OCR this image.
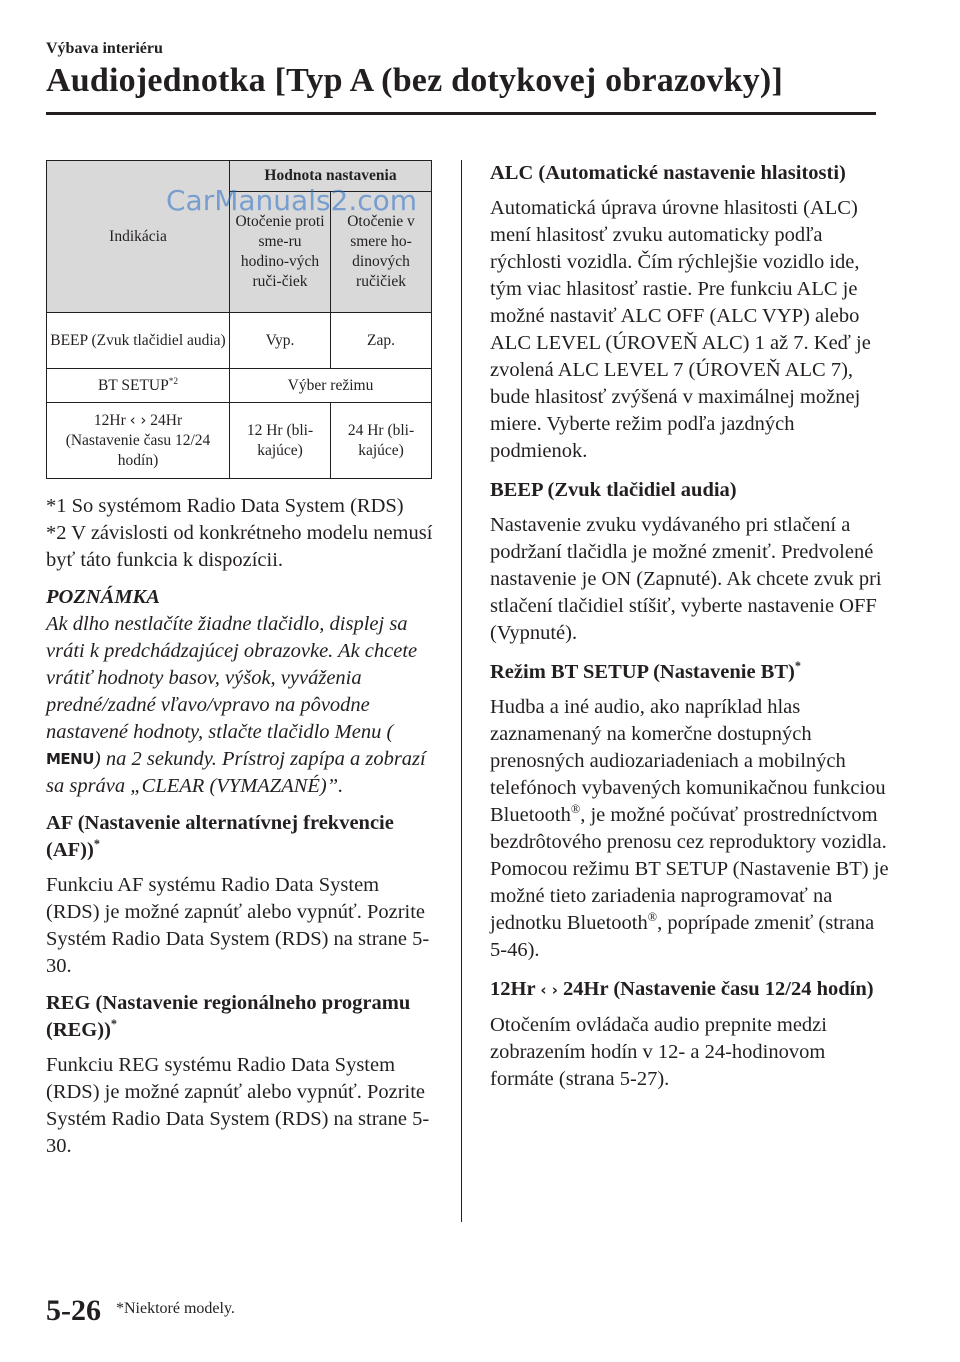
Výbava interiéru
Audiojednotka [Typ A (bez dotykovej obrazovky)]
Indikácia	Hodnota nastavenia	
	Otočenie proti sme-ru hodino-vých ruči-čiek	Otočenie v smere ho-dinových ručičiek
BEEP (Zvuk tlačidiel audia)	Vyp.	Zap.
BT SETUP$^{*2}$	Výber režimu	
12Hr ‹ › 24Hr
(Nastavenie času 12/24 hodín)	12 Hr (bli-kajúce)	24 Hr (bli-kajúce)
CarManuals2.com

*1 So systémom Radio Data System (RDS)

*2 V závislosti od konkrétneho modelu nemusí byť táto funkcia k dispozícii.

POZNÁMKA

Ak dlho nestlačíte žiadne tlačidlo, displej sa vráti k predchádzajúcej obrazovke. Ak chcete vrátiť hodnoty basov, výšok, vyváženia predné/zadné vľavo/vpravo na pôvodne nastavené hodnoty, stlačte tlačidlo Menu (MENU) na 2 sekundy. Prístroj zapípa a zobrazí sa správa „CLEAR (VYMAZANÉ)”.

AF (Nastavenie alternatívnej frekvencie (AF))*

Funkciu AF systému Radio Data System (RDS) je možné zapnúť alebo vypnúť. Pozrite Systém Radio Data System (RDS) na strane 5-30.

REG (Nastavenie regionálneho programu (REG))*

Funkciu REG systému Radio Data System (RDS) je možné zapnúť alebo vypnúť. Pozrite Systém Radio Data System (RDS) na strane 5-30.

ALC (Automatické nastavenie hlasitosti)

Automatická úprava úrovne hlasitosti (ALC) mení hlasitosť zvuku automaticky podľa rýchlosti vozidla. Čím rýchlejšie vozidlo ide, tým viac hlasitosť rastie. Pre funkciu ALC je možné nastaviť ALC OFF (ALC VYP) alebo ALC LEVEL (ÚROVEŇ ALC) 1 až 7. Keď je zvolená ALC LEVEL 7 (ÚROVEŇ ALC 7), bude hlasitosť zvýšená v maximálnej možnej miere. Vyberte režim podľa jazdných podmienok.

BEEP (Zvuk tlačidiel audia)

Nastavenie zvuku vydávaného pri stlačení a podržaní tlačidla je možné zmeniť. Predvolené nastavenie je ON (Zapnuté). Ak chcete zvuk pri stlačení tlačidiel stíšiť, vyberte nastavenie OFF (Vypnuté).

Režim BT SETUP (Nastavenie BT)*

Hudba a iné audio, ako napríklad hlas zaznamenaný na komerčne dostupných prenosných audiozariadeniach a mobilných telefónoch vybavených komunikačnou funkciou Bluetooth®, je možné počúvať prostredníctvom bezdrôtového prenosu cez reproduktory vozidla. Pomocou režimu BT SETUP (Nastavenie BT) je možné tieto zariadenia naprogramovať na jednotku Bluetooth®, poprípade zmeniť (strana 5-46).

12Hr ‹ › 24Hr (Nastavenie času 12/24 hodín)

Otočením ovládača audio prepnite medzi zobrazením hodín v 12- a 24-hodinovom formáte (strana 5-27).

5-26 *Niektoré modely.
